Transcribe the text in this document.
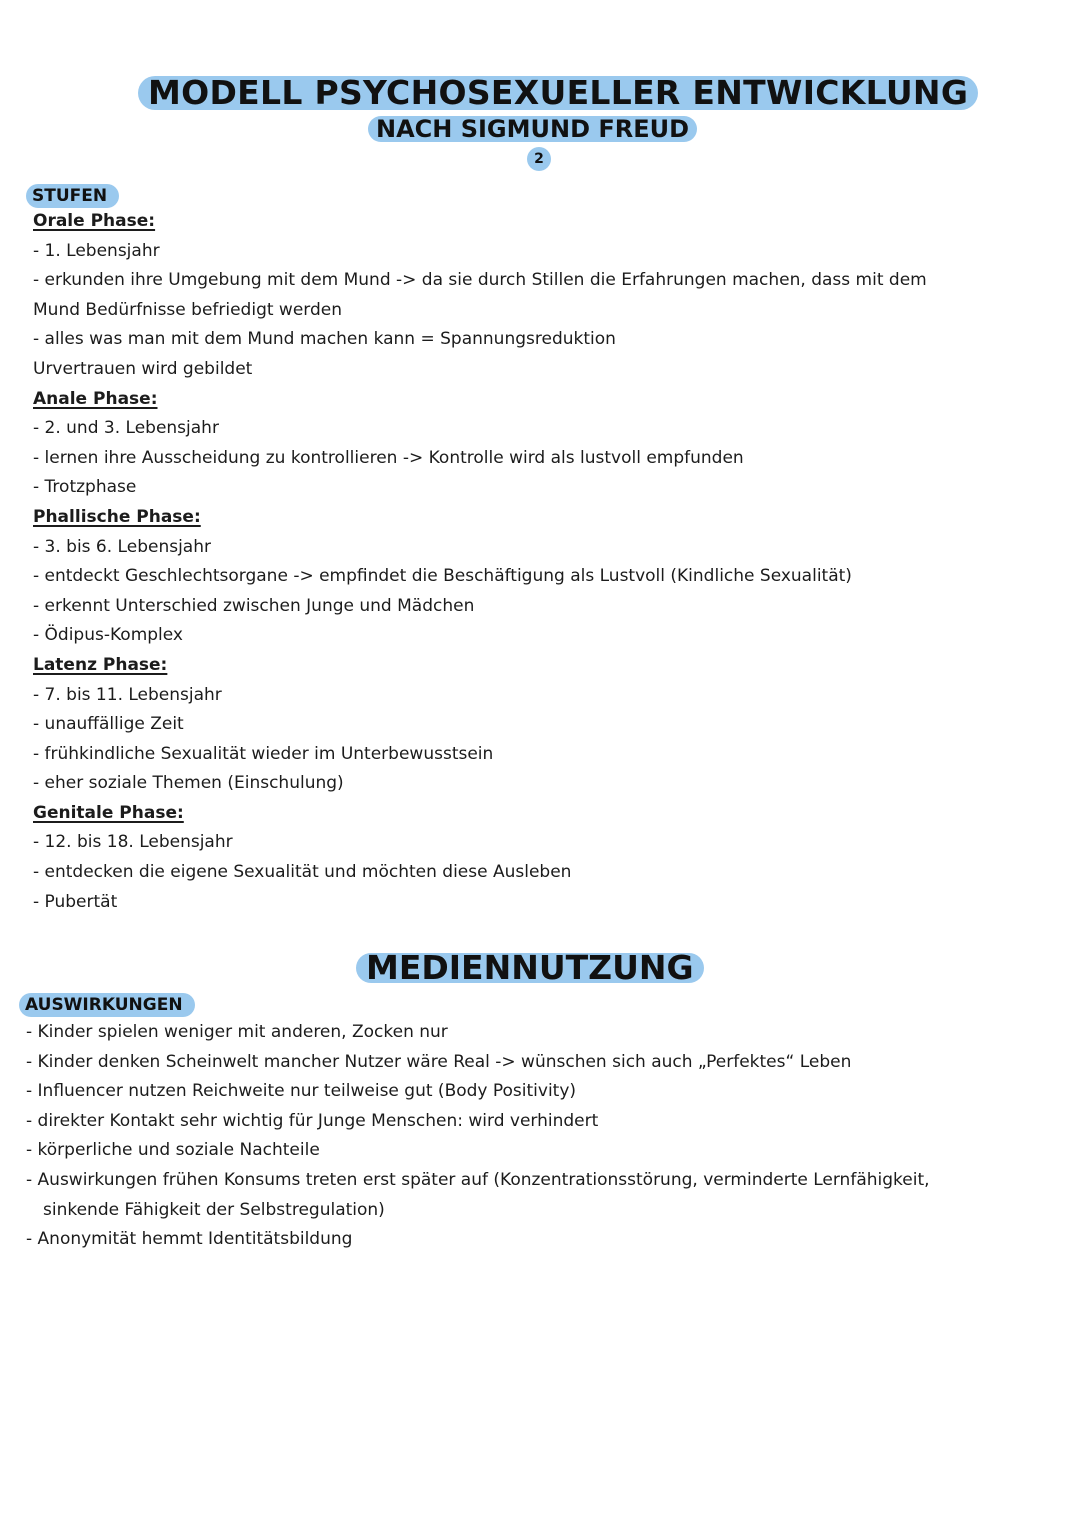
MODELL PSYCHOSEXUELLER ENTWICKLUNG
NACH SIGMUND FREUD
2
STUFEN
Orale Phase:
- 1. Lebensjahr
- erkunden ihre Umgebung mit dem Mund -> da sie durch Stillen die Erfahrungen machen, dass mit dem
Mund Bedürfnisse befriedigt werden
- alles was man mit dem Mund machen kann = Spannungsreduktion
Urvertrauen wird gebildet
Anale Phase:
- 2. und 3. Lebensjahr
- lernen ihre Ausscheidung zu kontrollieren -> Kontrolle wird als lustvoll empfunden
- Trotzphase
Phallische Phase:
- 3. bis 6. Lebensjahr
- entdeckt Geschlechtsorgane -> empfindet die Beschäftigung als Lustvoll (Kindliche Sexualität)
- erkennt Unterschied zwischen Junge und Mädchen
- Ödipus-Komplex
Latenz Phase:
- 7. bis 11. Lebensjahr
- unauffällige Zeit
- frühkindliche Sexualität wieder im Unterbewusstsein
- eher soziale Themen (Einschulung)
Genitale Phase:
- 12. bis 18. Lebensjahr
- entdecken die eigene Sexualität und möchten diese Ausleben
- Pubertät
MEDIENNUTZUNG
AUSWIRKUNGEN
- Kinder spielen weniger mit anderen, Zocken nur
- Kinder denken Scheinwelt mancher Nutzer wäre Real -> wünschen sich auch „Perfektes“ Leben
- Influencer nutzen Reichweite nur teilweise gut (Body Positivity)
- direkter Kontakt sehr wichtig für Junge Menschen: wird verhindert
- körperliche und soziale Nachteile
- Auswirkungen frühen Konsums treten erst später auf (Konzentrationsstörung, verminderte Lernfähigkeit,
sinkende Fähigkeit der Selbstregulation)
- Anonymität hemmt Identitätsbildung
